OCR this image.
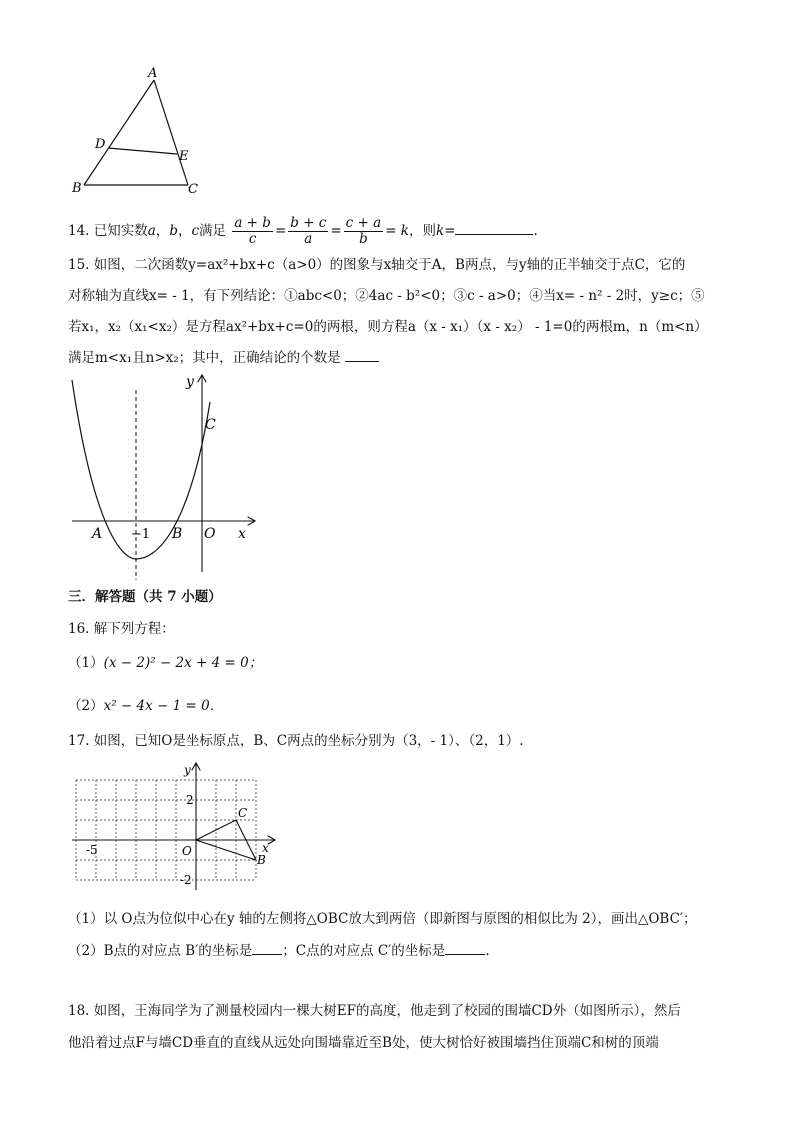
A
D
E
B	C
14. 已知实数a，b，c满足 $\frac{a + b}{c} = \frac{b + c}{a} = \frac{c + a}{b} = k$，则k=	.
15. 如图，二次函数y=ax²+bx+c（a>0）的图象与x轴交于A，B两点，与y轴的正半轴交于点C，它的
对称轴为直线x= - 1，有下列结论：①abc<0；②4ac - b²<0；③c - a>0；④当x= - n² - 2时，y≥c；⑤
若x₁，x₂（x₁<x₂）是方程ax²+bx+c=0的两根，则方程a（x - x₁）（x - x₂） - 1=0的两根m，n（m<n）
满足m<x₁且n>x₂；其中，正确结论的个数是
y
x
C
A	B O
−1
三．解答题（共 7 小题）
16. 解下列方程：
（1）(x − 2)² − 2x + 4 = 0；
（2）x² − 4x − 1 = 0．
17. 如图，已知O是坐标原点，B、C两点的坐标分别为（3，- 1）、（2，1）.
y
x
O
C
B
2
-2
-5
（1）以 O点为位似中心在y 轴的左侧将△OBC放大到两倍（即新图与原图的相似比为 2），画出△OBC′；
（2）B点的对应点 B′的坐标是 ；C点的对应点 C′的坐标是	.
18. 如图，王海同学为了测量校园内一棵大树EF的高度，他走到了校园的围墙CD外（如图所示），然后
他沿着过点F与墙CD垂直的直线从远处向围墙靠近至B处，使大树恰好被围墙挡住顶端C和树的顶端
